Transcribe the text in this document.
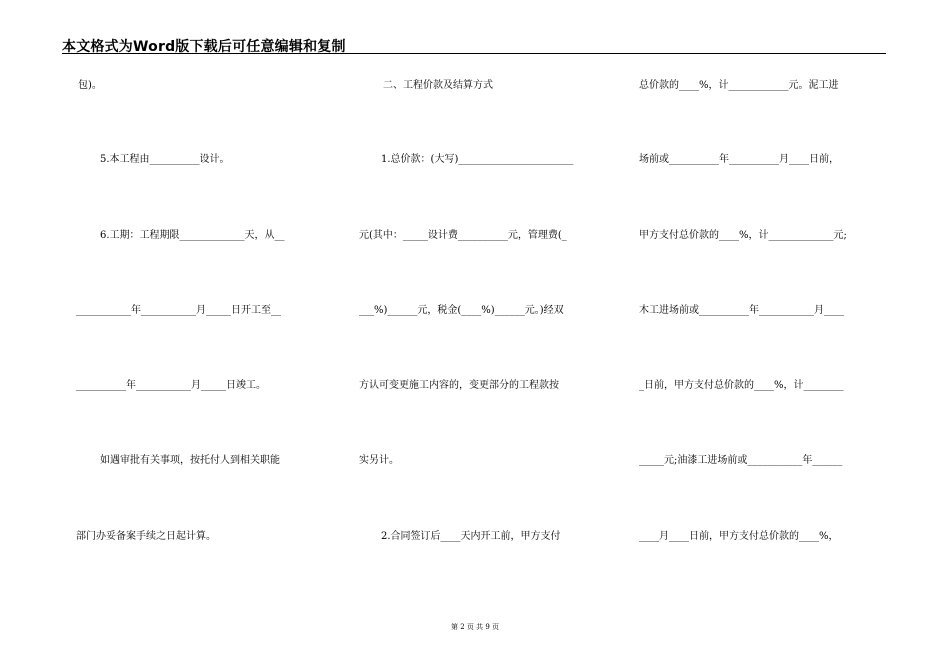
本文格式为Word版下载后可任意编辑和复制
包)。
5.本工程由__________设计。
6.工期：工程期限_____________天，从__
___________年___________月_____日开工至__
__________年___________月_____日竣工。
如遇审批有关事项，按托付人到相关职能
部门办妥备案手续之日起计算。
二、工程价款及结算方式
1.总价款：(大写)_______________________
元(其中：_____设计费__________元，管理费(_
___%)______元，税金(____%)______元。)经双
方认可变更施工内容的，变更部分的工程款按
实另计。
2.合同签订后____天内开工前，甲方支付
总价款的____%，计____________元。泥工进
场前或__________年__________月____日前，
甲方支付总价款的____%，计_____________元;
木工进场前或__________年___________月____
_日前，甲方支付总价款的____%，计________
_____元;油漆工进场前或___________年______
____月____日前，甲方支付总价款的____%，
第 2 页 共 9 页
